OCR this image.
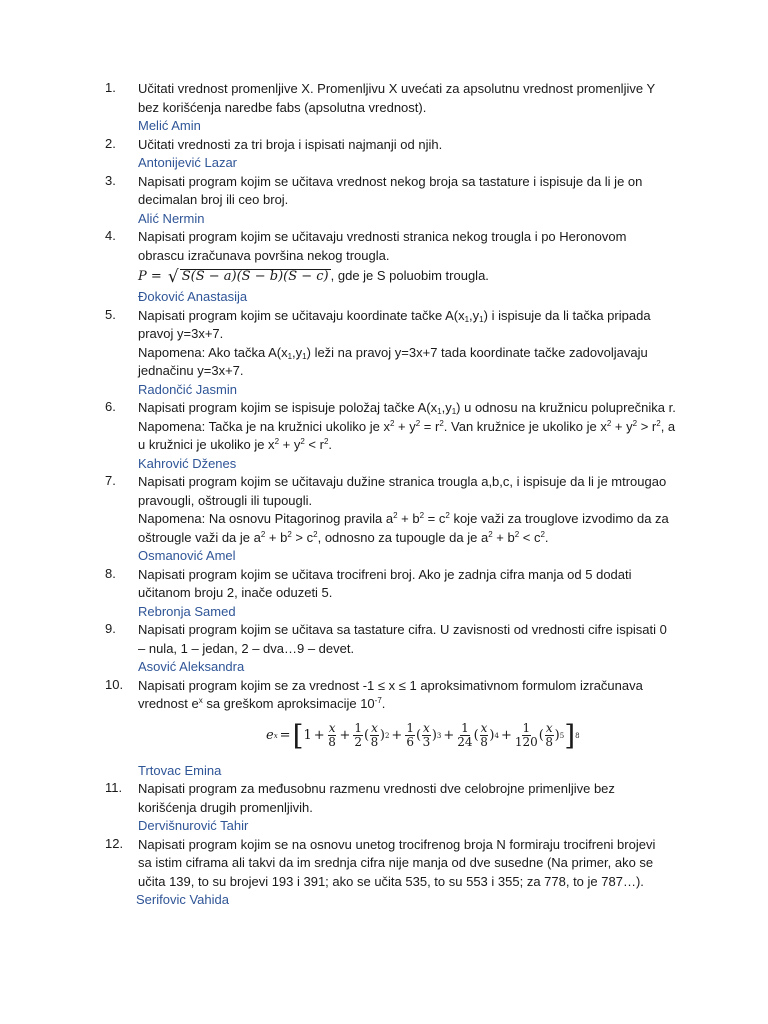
1.	Učitati vrednost promenljive X. Promenljivu X uvećati za apsolutnu vrednost promenljive Y
bez korišćenja naredbe fabs (apsolutna vrednost).
Melić Amin
2.	Učitati vrednosti za tri broja i ispisati najmanji od njih.
Antonijević Lazar
3.	Napisati program kojim se učitava vrednost nekog broja sa tastature i ispisuje da li je on
decimalan broj ili ceo broj.
Alić Nermin
4.	Napisati program kojim se učitavaju vrednosti stranica nekog trougla i po Heronovom
obrascu izračunava površina nekog trougla.
P = √ S(S − a)(S − b)(S − c) , gde je S poluobim trougla.
Đoković Anastasija
5.	Napisati program kojim se učitavaju koordinate tačke $A(x_1,y_1)$ i ispisuje da li tačka pripada
pravoj y=3x+7.
Napomena: Ako tačka $A(x_1,y_1)$ leži na pravoj y=3x+7 tada koordinate tačke zadovoljavaju
jednačinu y=3x+7.
Radončić Jasmin
6.	Napisati program kojim se ispisuje položaj tačke $A(x_1,y_1)$ u odnosu na kružnicu poluprečnika r.
Napomena: Tačka je na kružnici ukoliko je $x^2 + y^2 = r^2$. Van kružnice je ukoliko je $x^2 + y^2 > r^2$, a
u kružnici je ukoliko je $x^2 + y^2 < r^2$.
Kahrović Dženes
7.	Napisati program kojim se učitavaju dužine stranica trougla a,b,c, i ispisuje da li je mtrougao
pravougli, oštrougli ili tupougli.
Napomena: Na osnovu Pitagorinog pravila $a^2 + b^2 = c^2$ koje važi za trouglove izvodimo da za
oštrougle važi da je $a^2 + b^2 > c^2$, odnosno za tupougle da je $a^2 + b^2 < c^2$.
Osmanović Amel
8.	Napisati program kojim se učitava trocifreni broj. Ako je zadnja cifra manja od 5 dodati
učitanom broju 2, inače oduzeti 5.
Rebronja Samed
9.	Napisati program kojim se učitava sa tastature cifra. U zavisnosti od vrednosti cifre ispisati 0
– nula, 1 – jedan, 2 – dva…9 – devet.
Asović Aleksandra
10.	Napisati program kojim se za vrednost -1 ≤ x ≤ 1 aproksimativnom formulom izračunava
vrednost $e^x$ sa greškom aproksimacije $10^{-7}$.
e x = [ $1 + \frac{x}{8} + \frac{1}{2}$ ( $\frac{x}{8}$ ) $2 + \frac{1}{6}$ ( $\frac{x}{3}$ ) $3 + \frac{1}{24}$ ( $\frac{x}{8}$ ) $4 + \frac{1}{120}$ ( $\frac{x}{8}$ ) 5 ] 8
Trtovac Emina
11.	Napisati program za međusobnu razmenu vrednosti dve celobrojne primenljive bez
korišćenja drugih promenljivih.
Dervišnurović Tahir
12.	Napisati program kojim se na osnovu unetog trocifrenog broja N formiraju trocifreni brojevi
sa istim ciframa ali takvi da im srednja cifra nije manja od dve susedne (Na primer, ako se
učita 139, to su brojevi 193 i 391; ako se učita 535, to su 553 i 355; za 778, to je 787…).
Serifovic Vahida
